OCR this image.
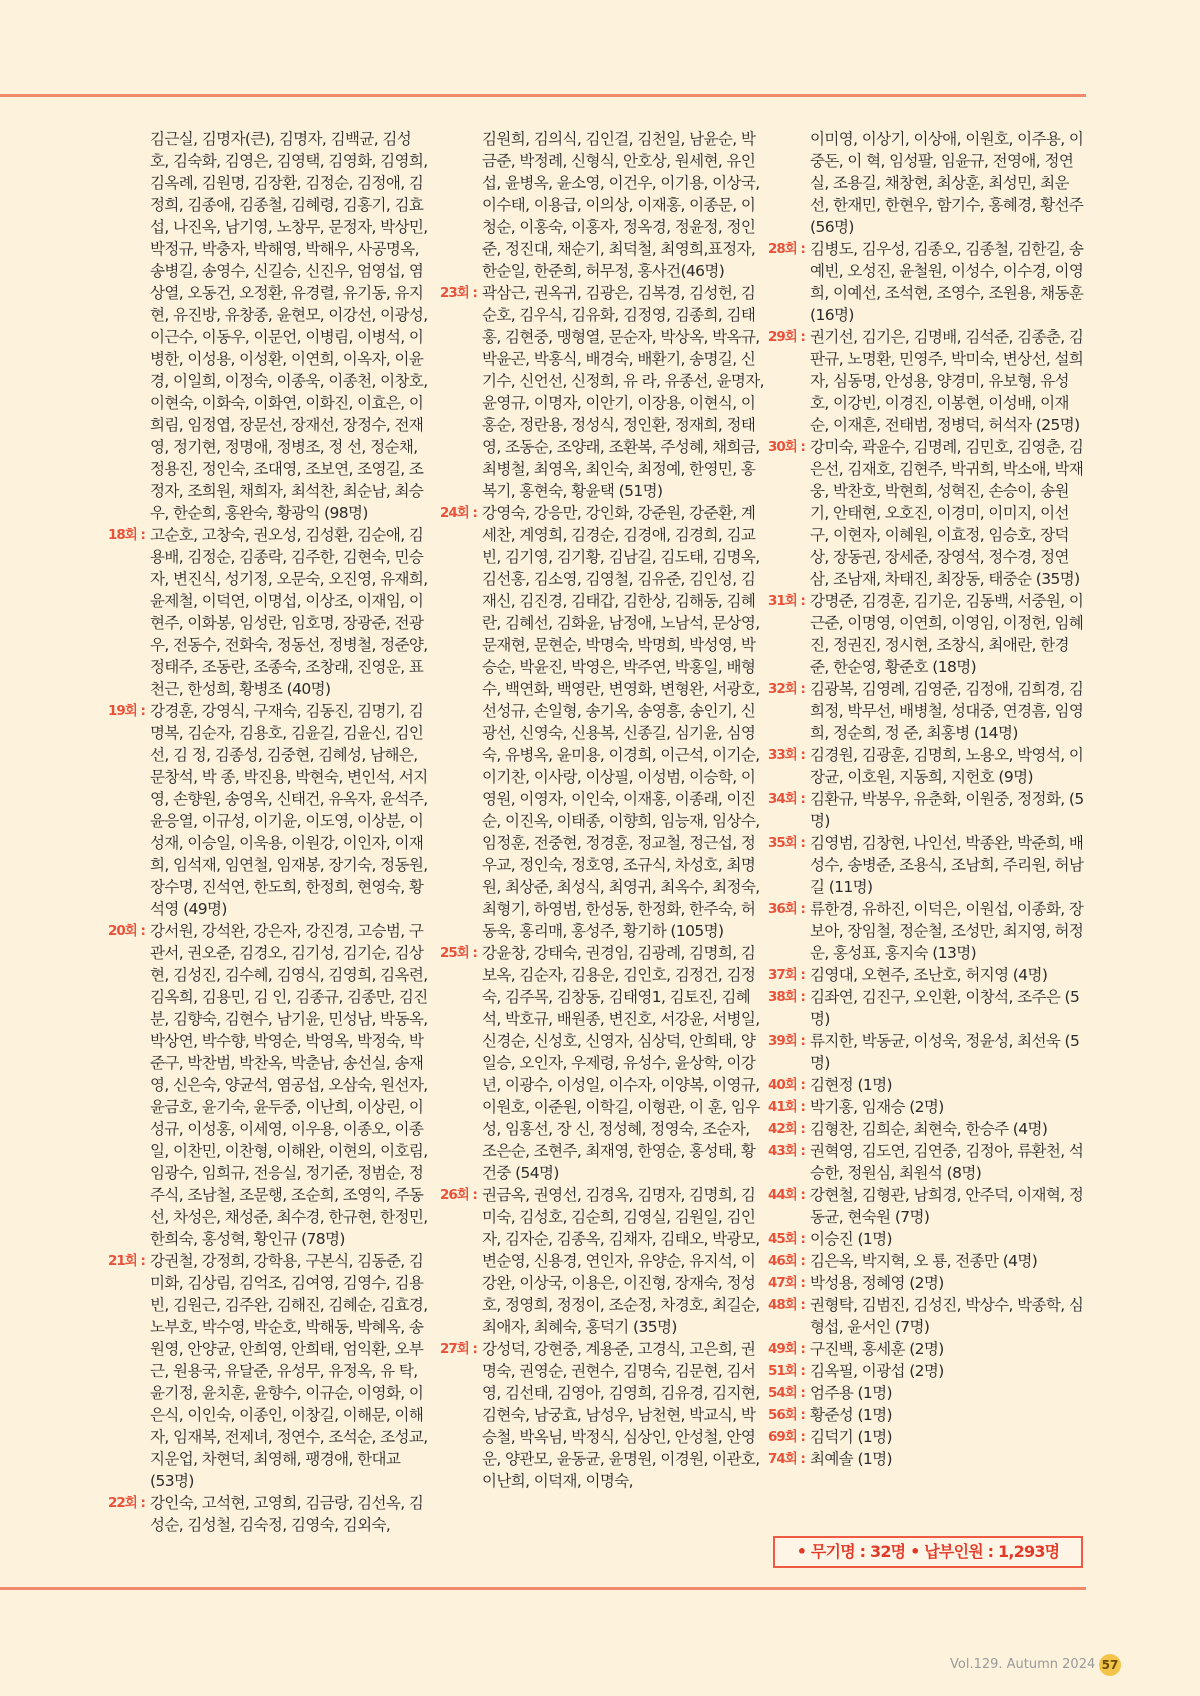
김근실, 김명자(큰), 김명자, 김백균, 김성호, 김숙화, 김영은, 김영택, 김영화, 김영희, 김옥례, 김원명, 김장환, 김정순, 김정애, 김정희, 김종애, 김종철, 김혜령, 김홍기, 김효섭, 나진옥, 남기영, 노창무, 문정자, 박상민, 박정규, 박충자, 박해영, 박해우, 사공명옥, 송병길, 송영수, 신길승, 신진우, 엄영섭, 염상열, 오동건, 오정환, 유경렬, 유기동, 유지현, 유진방, 유창종, 윤현모, 이강선, 이광성, 이근수, 이동우, 이문언, 이병림, 이병석, 이병한, 이성용, 이성환, 이연희, 이옥자, 이윤경, 이일희, 이정숙, 이종욱, 이종천, 이창호, 이현숙, 이화숙, 이화연, 이화진, 이효은, 이희림, 임정엽, 장문선, 장재선, 장정수, 전재영, 정기현, 정명애, 정병조, 정 선, 정순채, 정용진, 정인숙, 조대영, 조보연, 조영길, 조정자, 조희원, 채희자, 최석찬, 최순남, 최승우, 한순희, 홍완숙, 황광익 (98명)
18회 : 고순호, 고창숙, 권오성, 김성환, 김순애, 김용배, 김정순, 김종락, 김주한, 김현숙, 민승자, 변진식, 성기정, 오문숙, 오진영, 유재희, 윤제철, 이덕연, 이명섭, 이상조, 이재임, 이현주, 이화봉, 임성란, 임호명, 장광준, 전광우, 전동수, 전화숙, 정동선, 정병철, 정준양, 정태주, 조동란, 조종숙, 조창래, 진영운, 표천근, 한성희, 황병조 (40명)
19회 : 강경훈, 강영식, 구재숙, 김동진, 김명기, 김명복, 김순자, 김용호, 김윤길, 김윤신, 김인선, 김 정, 김종성, 김중현, 김혜성, 남해은, 문창석, 박 종, 박진용, 박현숙, 변인석, 서지영, 손향원, 송영옥, 신태건, 유옥자, 윤석주, 윤응열, 이규성, 이기윤, 이도영, 이상분, 이성재, 이승일, 이욱용, 이원강, 이인자, 이재희, 임석재, 임연철, 임재봉, 장기숙, 정동원, 장수명, 진석연, 한도희, 한정희, 현영숙, 황석영 (49명)
20회 : 강서원, 강석완, 강은자, 강진경, 고승범, 구관서, 권오준, 김경오, 김기성, 김기순, 김상현, 김성진, 김수혜, 김영식, 김영희, 김옥련, 김옥희, 김용민, 김 인, 김종규, 김종만, 김진분, 김향숙, 김현수, 남기윤, 민성남, 박동옥, 박상연, 박수향, 박영순, 박영옥, 박정숙, 박준구, 박찬범, 박찬옥, 박춘남, 송선실, 송재영, 신은숙, 양균석, 염공섭, 오삼숙, 원선자, 윤금호, 윤기숙, 윤두중, 이난희, 이상린, 이성규, 이성홍, 이세영, 이우용, 이종오, 이종일, 이찬민, 이찬형, 이해완, 이현의, 이호림, 임광수, 임희규, 전응실, 정기준, 정범순, 정주식, 조남철, 조문행, 조순희, 조영익, 주동선, 차성은, 채성준, 최수경, 한규현, 한정민, 한희숙, 홍성혁, 황인규 (78명)
21회 : 강권철, 강정희, 강학용, 구본식, 김동준, 김미화, 김상림, 김억조, 김여영, 김영수, 김용빈, 김원근, 김주완, 김해진, 김혜순, 김효경, 노부호, 박수영, 박순호, 박해동, 박혜옥, 송원영, 안양균, 안희영, 안희태, 엄익환, 오부근, 원용국, 유달준, 유성무, 유정옥, 유 탁, 윤기정, 윤치훈, 윤향수, 이규순, 이영화, 이은식, 이인숙, 이종인, 이창길, 이해문, 이해자, 임재복, 전제녀, 정연수, 조석순, 조성교, 지운업, 차현덕, 최영해, 팽경애, 한대교 (53명)
22회 : 강인숙, 고석현, 고영희, 김금랑, 김선옥, 김성순, 김성철, 김숙정, 김영숙, 김외숙,
김원희, 김의식, 김인걸, 김천일, 남윤순, 박금준, 박정례, 신형식, 안호상, 원세현, 유인섭, 윤병옥, 윤소영, 이건우, 이기용, 이상국, 이수태, 이용급, 이의상, 이재홍, 이종문, 이청순, 이홍숙, 이홍자, 정옥경, 정윤정, 정인준, 정진대, 채순기, 최덕철, 최영희,표정자, 한순일, 한준희, 허무정, 홍사건(46명)
23회 : 곽삼근, 권옥귀, 김광은, 김복경, 김성헌, 김순호, 김우식, 김유화, 김정영, 김종희, 김태홍, 김현중, 맹형열, 문순자, 박상옥, 박옥규, 박윤곤, 박홍식, 배경숙, 배환기, 송명길, 신기수, 신언선, 신정희, 유 라, 유종선, 윤명자, 윤영규, 이명자, 이안기, 이장용, 이현식, 이홍순, 정란용, 정성식, 정인환, 정재희, 정태영, 조동순, 조양래, 조환복, 주성혜, 채희금, 최병철, 최영옥, 최인숙, 최정예, 한영민, 홍복기, 홍현숙, 황윤택 (51명)
24회 : 강영숙, 강응만, 강인화, 강준원, 강준환, 계세찬, 계영희, 김경순, 김경애, 김경희, 김교빈, 김기영, 김기황, 김남길, 김도태, 김명옥, 김선홍, 김소영, 김영철, 김유준, 김인성, 김재신, 김진경, 김태갑, 김한상, 김해동, 김혜란, 김혜선, 김화윤, 남정애, 노남석, 문상영, 문재현, 문현순, 박명숙, 박명희, 박성영, 박승순, 박윤진, 박영은, 박주연, 박홍일, 배형수, 백연화, 백영란, 변영화, 변형완, 서광호, 선성규, 손일형, 송기옥, 송영흥, 송인기, 신광선, 신영숙, 신용복, 신종길, 심기윤, 심영숙, 유병옥, 윤미용, 이경희, 이근석, 이기순, 이기찬, 이사랑, 이상필, 이성범, 이승학, 이영원, 이영자, 이인숙, 이재홍, 이종래, 이진순, 이진옥, 이태종, 이향희, 임능재, 임상수, 임정훈, 전중현, 정경훈, 정교철, 정근섭, 정우교, 정인숙, 정호영, 조규식, 차성호, 최명원, 최상준, 최성식, 최영귀, 최옥수, 최정숙, 최형기, 하영범, 한성동, 한정화, 한주숙, 허동욱, 홍리매, 홍성주, 황기하 (105명)
25회 : 강윤창, 강태숙, 권경임, 김광례, 김명희, 김보옥, 김순자, 김용운, 김인호, 김정건, 김정숙, 김주목, 김창동, 김태영1, 김토진, 김혜석, 박호규, 배원종, 변진호, 서강윤, 서병일, 신경순, 신성호, 신영자, 심상덕, 안희태, 양일승, 오인자, 우제령, 유성수, 윤상학, 이강년, 이광수, 이성일, 이수자, 이양복, 이영규, 이원호, 이준원, 이학길, 이형관, 이 훈, 임우성, 임홍선, 장 신, 정성혜, 정영숙, 조순자, 조은순, 조현주, 최재영, 한영순, 홍성태, 황건중 (54명)
26회 : 권금옥, 권영선, 김경옥, 김명자, 김명희, 김미숙, 김성호, 김순희, 김영실, 김원일, 김인자, 김자순, 김종옥, 김채자, 김태오, 박광모, 변순영, 신용경, 연인자, 유양순, 유지석, 이강완, 이상국, 이용은, 이진형, 장재숙, 정성호, 정영희, 정정이, 조순정, 차경호, 최길순, 최애자, 최혜숙, 홍덕기 (35명)
27회 : 강성덕, 강현중, 계용준, 고경식, 고은희, 권명숙, 권영순, 권현수, 김명숙, 김문현, 김서영, 김선태, 김영아, 김영희, 김유경, 김지현, 김현숙, 남궁효, 남성우, 남천현, 박교식, 박승철, 박옥님, 박정식, 심상인, 안성철, 안영운, 양관모, 윤동균, 윤명원, 이경원, 이관호, 이난희, 이덕재, 이명숙,
이미영, 이상기, 이상애, 이원호, 이주용, 이중돈, 이 혁, 임성팔, 임윤규, 전영애, 정연실, 조용길, 채창현, 최상훈, 최성민, 최운선, 한재민, 한현우, 함기수, 홍혜경, 황선주 (56명)
28회 : 김병도, 김우성, 김종오, 김종철, 김한길, 송예빈, 오성진, 윤철원, 이성수, 이수경, 이영희, 이예선, 조석현, 조영수, 조원용, 채동훈 (16명)
29회 : 권기선, 김기은, 김명배, 김석준, 김종춘, 김판규, 노명환, 민영주, 박미숙, 변상선, 설희자, 심동명, 안성용, 양경미, 유보형, 유성호, 이강빈, 이경진, 이봉현, 이성배, 이재순, 이재흔, 전태범, 정병덕, 허석자 (25명)
30회 : 강미숙, 곽윤수, 김명례, 김민호, 김영춘, 김은선, 김재호, 김현주, 박귀희, 박소애, 박재웅, 박찬호, 박현희, 성혁진, 손승이, 송원기, 안태현, 오호진, 이경미, 이미지, 이선구, 이현자, 이혜원, 이효정, 임승호, 장덕상, 장동권, 장세준, 장영석, 정수경, 정연삼, 조남재, 차태진, 최장동, 태중순 (35명)
31회 : 강명준, 김경훈, 김기운, 김동백, 서중원, 이근준, 이명영, 이연희, 이영임, 이정헌, 임혜진, 정권진, 정시현, 조창식, 최애란, 한경준, 한순영, 황준호 (18명)
32회 : 김광복, 김영례, 김영준, 김정애, 김희경, 김희정, 박무선, 배병철, 성대중, 연경흠, 임영희, 정순희, 정 준, 최홍병 (14명)
33회 : 김경원, 김광훈, 김명희, 노용오, 박영석, 이장균, 이호원, 지동희, 지헌호 (9명)
34회 : 김환규, 박봉우, 유춘화, 이원중, 정정화, (5명)
35회 : 김영범, 김창현, 나인선, 박종완, 박준희, 배성수, 송병준, 조용식, 조남희, 주리원, 허남길 (11명)
36회 : 류한경, 유하진, 이덕은, 이원섭, 이종화, 장보아, 장임철, 정순철, 조성만, 최지영, 허정운, 홍성표, 홍지숙 (13명)
37회 : 김영대, 오현주, 조난호, 허지영 (4명)
38회 : 김좌연, 김진구, 오인환, 이창석, 조주은 (5명)
39회 : 류지한, 박동균, 이성욱, 정윤성, 최선욱 (5명)
40회 : 김현정 (1명)
41회 : 박기홍, 임재승 (2명)
42회 : 김형찬, 김희순, 최현숙, 한승주 (4명)
43회 : 권혁영, 김도연, 김연중, 김정아, 류환천, 석승한, 정원심, 최원석 (8명)
44회 : 강현철, 김형관, 남희경, 안주덕, 이재혁, 정동균, 현숙원 (7명)
45회 : 이승진 (1명)
46회 : 김은옥, 박지혁, 오 룡, 전종만 (4명)
47회 : 박성용, 정혜영 (2명)
48회 : 권형탁, 김범진, 김성진, 박상수, 박종학, 심형섭, 윤서인 (7명)
49회 : 구진백, 홍세훈 (2명)
51회 : 김옥필, 이광섭 (2명)
54회 : 엄주용 (1명)
56회 : 황준성 (1명)
69회 : 김덕기 (1명)
74회 : 최예솔 (1명)
• 무기명 : 32명 • 납부인원 : 1,293명
Vol.129. Autumn 2024 57
